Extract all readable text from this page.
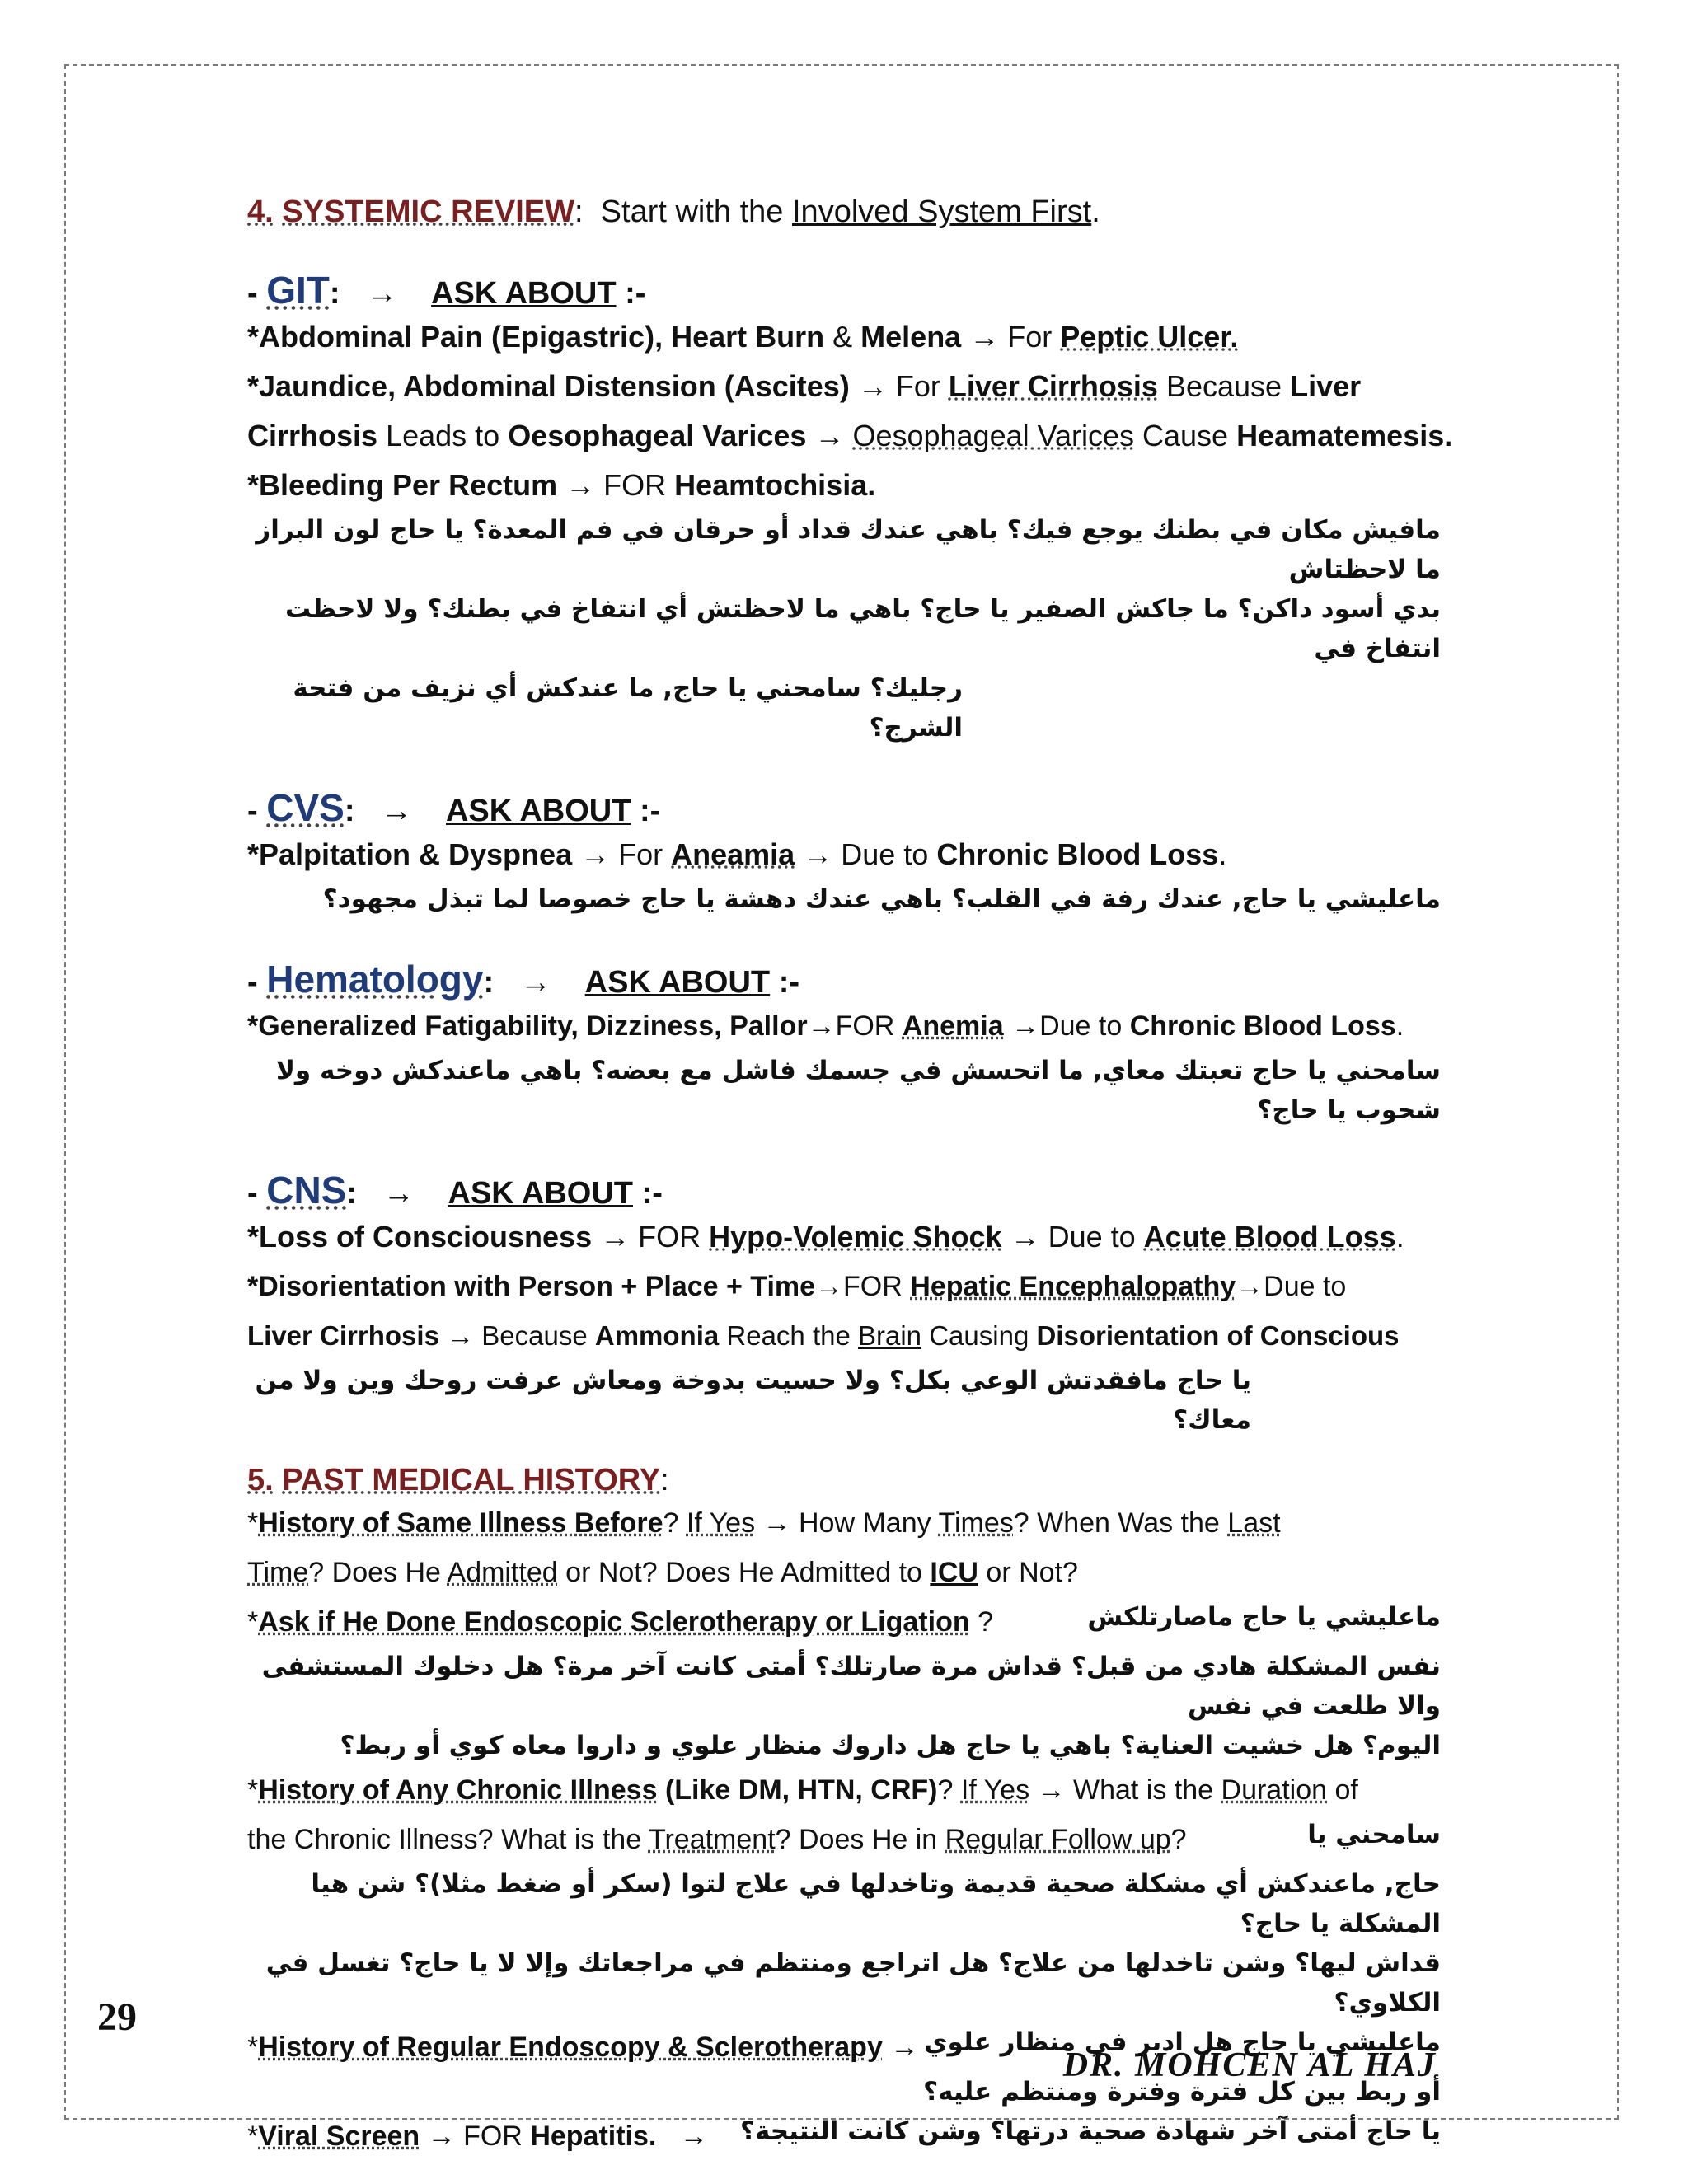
4. SYSTEMIC REVIEW: Start with the Involved System First.
- GIT: → ASK ABOUT :-
*Abdominal Pain (Epigastric), Heart Burn & Melena → For Peptic Ulcer.
*Jaundice, Abdominal Distension (Ascites) → For Liver Cirrhosis Because Liver
Cirrhosis Leads to Oesophageal Varices → Oesophageal Varices Cause Heamatemesis.
*Bleeding Per Rectum → FOR Heamtochisia.
مافيش مكان في بطنك يوجع فيك؟ باهي عندك قداد أو حرقان في فم المعدة؟ يا حاج لون البراز ما لاحظتاش
بدي أسود داكن؟ ما جاكش الصفير يا حاج؟ باهي ما لاحظتش أي انتفاخ في بطنك؟ ولا لاحظت انتفاخ في
رجليك؟ سامحني يا حاج, ما عندكش أي نزيف من فتحة الشرج؟
- CVS: → ASK ABOUT :-
*Palpitation & Dyspnea → For Aneamia → Due to Chronic Blood Loss.
ماعليشي يا حاج, عندك رفة في القلب؟ باهي عندك دهشة يا حاج خصوصا لما تبذل مجهود؟
- Hematology: → ASK ABOUT :-
*Generalized Fatigability, Dizziness, Pallor→FOR Anemia →Due to Chronic Blood Loss.
سامحني يا حاج تعبتك معاي, ما اتحسش في جسمك فاشل مع بعضه؟ باهي ماعندكش دوخه ولا شحوب يا حاج؟
- CNS: → ASK ABOUT :-
*Loss of Consciousness → FOR Hypo-Volemic Shock → Due to Acute Blood Loss.
*Disorientation with Person + Place + Time→FOR Hepatic Encephalopathy→Due to
Liver Cirrhosis → Because Ammonia Reach the Brain Causing Disorientation of Conscious
يا حاج مافقدتش الوعي بكل؟ ولا حسيت بدوخة ومعاش عرفت روحك وين ولا من معاك؟
5. PAST MEDICAL HISTORY:
*History of Same Illness Before? If Yes → How Many Times? When Was the Last
Time? Does He Admitted or Not? Does He Admitted to ICU or Not?
*Ask if He Done Endoscopic Sclerotherapy or Ligation ?	ماعليشي يا حاج ماصارتلكش
نفس المشكلة هادي من قبل؟ قداش مرة صارتلك؟ أمتى كانت آخر مرة؟ هل دخلوك المستشفى والا طلعت في نفس
اليوم؟ هل خشيت العناية؟ باهي يا حاج هل داروك منظار علوي و داروا معاه كوي أو ربط؟
*History of Any Chronic Illness (Like DM, HTN, CRF)? If Yes → What is the Duration of
the Chronic Illness? What is the Treatment? Does He in Regular Follow up?	سامحني يا
حاج, ماعندكش أي مشكلة صحية قديمة وتاخدلها في علاج لتوا (سكر أو ضغط مثلا)؟ شن هيا المشكلة يا حاج؟
قداش ليها؟ وشن تاخدلها من علاج؟ هل اتراجع ومنتظم في مراجعاتك وإلا لا يا حاج؟ تغسل في الكلاوي؟
*History of Regular Endoscopy & Sclerotherapy → ماعليشي يا حاج هل ادير في منظار علوي
أو ربط بين كل فترة وفترة ومنتظم عليه؟
*Viral Screen → FOR Hepatitis. → يا حاج أمتى آخر شهادة صحية درتها؟ وشن كانت النتيجة؟
29
DR. MOHCEN AL HAJ
